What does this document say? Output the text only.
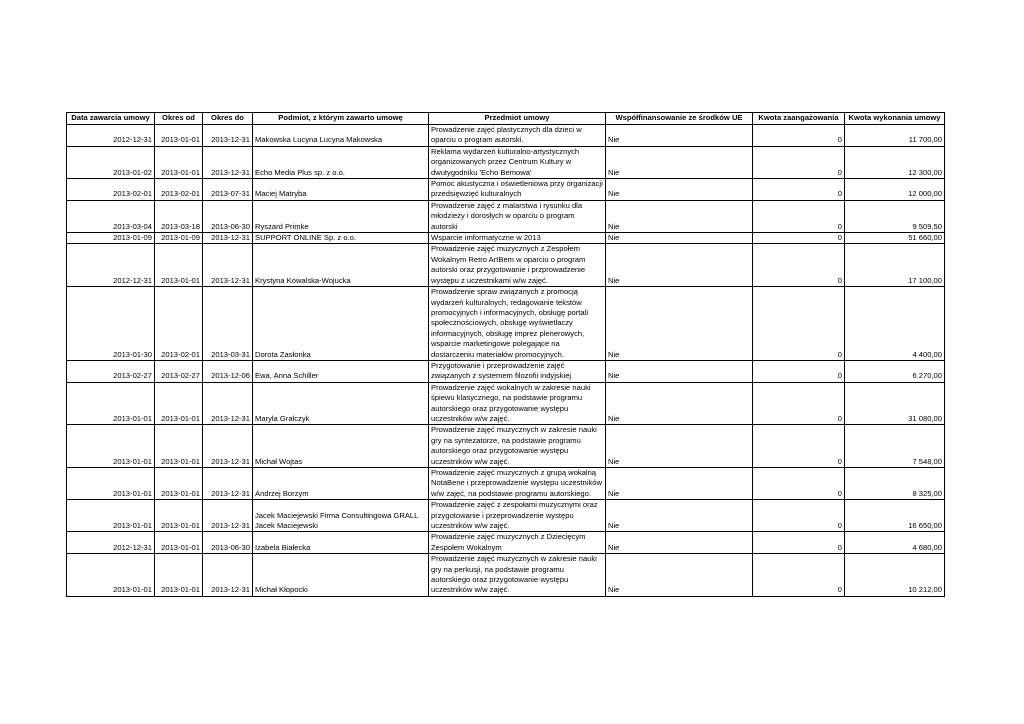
Data zawarcia umowy	Okres od	Okres do	Podmiot, z którym zawarto umowę	Przedmiot umowy	Współfinansowanie ze środków UE	Kwota zaangażowania	Kwota wykonania umowy
2012-12-31	2013-01-01	2013-12-31	Makowska Lucyna Lucyna Makowska	Prowadzenie zajęć plastycznych dla dzieci w oparciu o program autorski.	Nie	0	11 700,00
2013-01-02	2013-01-01	2013-12-31	Echo Media Plus sp. z o.o.	Reklama wydarzeń kulturalno-artystycznych organizowanych przez Centrum Kultury w dwutygodniku 'Echo Bemowa'	Nie	0	12 300,00
2013-02-01	2013-02-01	2013-07-31	Maciej Matryba	Pomoc akustyczna i oświetleniowa przy organizacji przedsięwzięć kulturalnych	Nie	0	12 000,00
2013-03-04	2013-03-18	2013-06-30	Ryszard Primke	Prowadzenie zajęć z malarstwa i rysunku dla młodzieży i dorosłych w oparciu o program autorski	Nie	0	9 509,50
2013-01-09	2013-01-09	2013-12-31	SUPPORT ONLINE Sp. z o.o.	Wsparcie imformatyczne w 2013	Nie	0	51 660,00
2012-12-31	2013-01-01	2013-12-31	Krystyna Kowalska-Wojucka	Prowadzenie zajęć muzycznych z Zespołem Wokalnym Retro ArtBem w oparciu o program autorski oraz przygotowanie i przprowadzenie występu z uczestnikami w/w zajęć.	Nie	0	17 100,00
2013-01-30	2013-02-01	2013-03-31	Dorota Zasłonka	Prowadzenie spraw związanych z promocją wydarzeń kulturalnych, redagowanie tekstów promocyjnych i informacyjnych, obsługę portali społecznościowych, obsługę wyświetlaczy informacyjnych, obsługę imprez plenerowych, wsparcie marketingowe polegające na dostarczeniu materiałów promocyjnych.	Nie	0	4 400,00
2013-02-27	2013-02-27	2013-12-06	Ewa, Anna Schiller	Przygotowanie i przeprowadzenie zajęć związanych z systemem filozofii indyjskiej	Nie	0	6 270,00
2013-01-01	2013-01-01	2013-12-31	Maryla Gralczyk	Prowadzenie zajęć wokalnych w zakresie nauki śpiewu klasycznego, na podstawie programu autorskiego oraz przygotowanie występu uczestników w/w zajęć.	Nie	0	31 080,00
2013-01-01	2013-01-01	2013-12-31	Michał Wojtas	Prowadzenie zajęć muzycznych w zakresie nauki gry na syntezatorze, na podstawie programu autorskiego oraz przygotowanie występu uczestników w/w zajęć.	Nie	0	7 548,00
2013-01-01	2013-01-01	2013-12-31	Andrzej Borzym	Prowadzenie zajęć muzycznych z grupą wokalną NotaBene i przeprowadzenie występu uczestników w/w zajęć, na podstawie programu autorskiego.	Nie	0	8 325,00
2013-01-01	2013-01-01	2013-12-31	Jacek Maciejewski Firma Consultingowa GRALL Jacek Maciejewski	Prowadzenie zajęć z zespołami muzycznymi oraz przygotowanie i przeprowadzenie występu uczestników w/w zajęć.	Nie	0	16 650,00
2012-12-31	2013-01-01	2013-06-30	Izabela Białecka	Prowadzenie zajęć muzycznych z Dziecięcym Zespołem Wokalnym	Nie	0	4 680,00
2013-01-01	2013-01-01	2013-12-31	Michał Kłopocki	Prowadzenie zajęć muzycznych w zakresie nauki gry na perkusji, na podstawie programu autorskiego oraz przygotowanie występu uczestników w/w zajęć.	Nie	0	10 212,00
